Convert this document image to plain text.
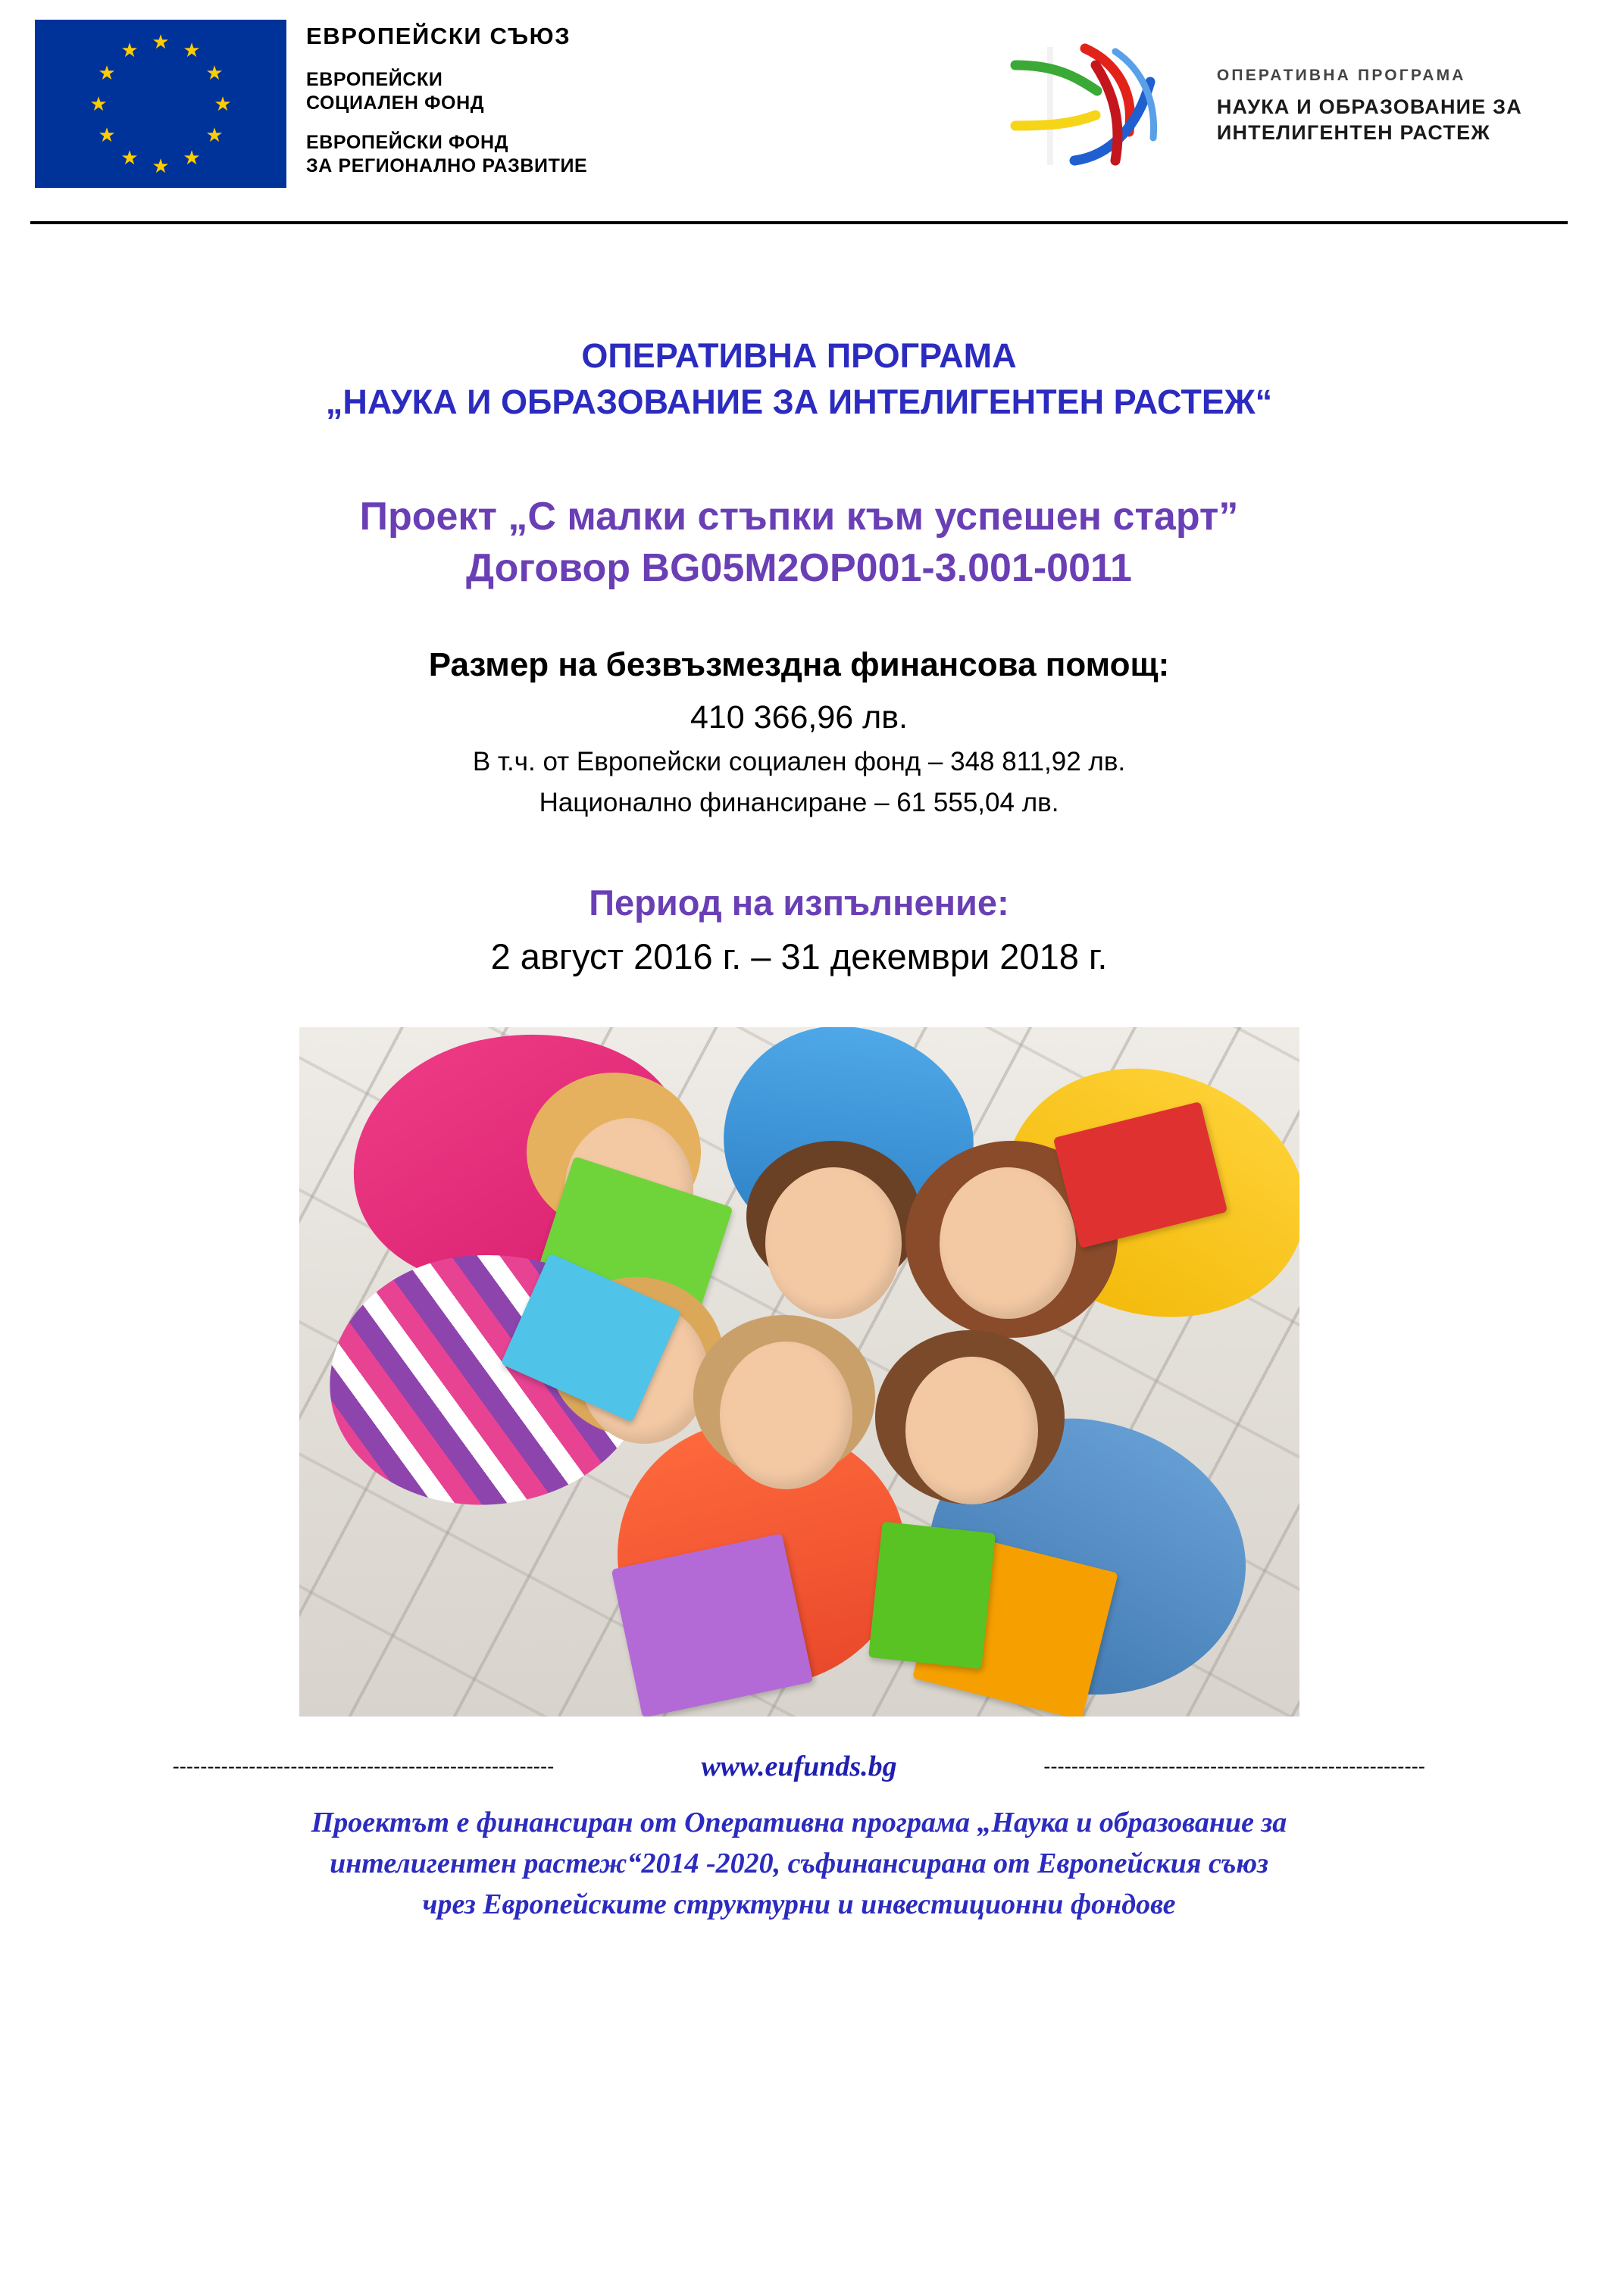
★ ★
★
★
★
★
★
★
★
★
★
★
ЕВРОПЕЙСКИ СЪЮЗ
ЕВРОПЕЙСКИ
СОЦИАЛЕН ФОНД
ЕВРОПЕЙСКИ ФОНД
ЗА РЕГИОНАЛНО РАЗВИТИЕ
ОПЕРАТИВНА ПРОГРАМА
НАУКА И ОБРАЗОВАНИЕ ЗА
ИНТЕЛИГЕНТЕН РАСТЕЖ
ОПЕРАТИВНА ПРОГРАМА
„НАУКА И ОБРАЗОВАНИЕ ЗА ИНТЕЛИГЕНТЕН РАСТЕЖ“
Проект „С малки стъпки към успешен старт”
Договор BG05M2OP001-3.001-0011
Размер на безвъзмездна финансова помощ:
410 366,96 лв.
В т.ч. от Европейски социален фонд – 348 811,92 лв.
Национално финансиране – 61 555,04 лв.
Период на изпълнение:
2 август 2016 г. – 31 декември 2018 г.
-------------------------------------------------------	www.eufunds.bg	-------------------------------------------------------
Проектът е финансиран от Оперативна програма „Наука и образование за
интелигентен растеж“2014 -2020, съфинансирана от Европейския съюз
чрез Европейските структурни и инвестиционни фондове
